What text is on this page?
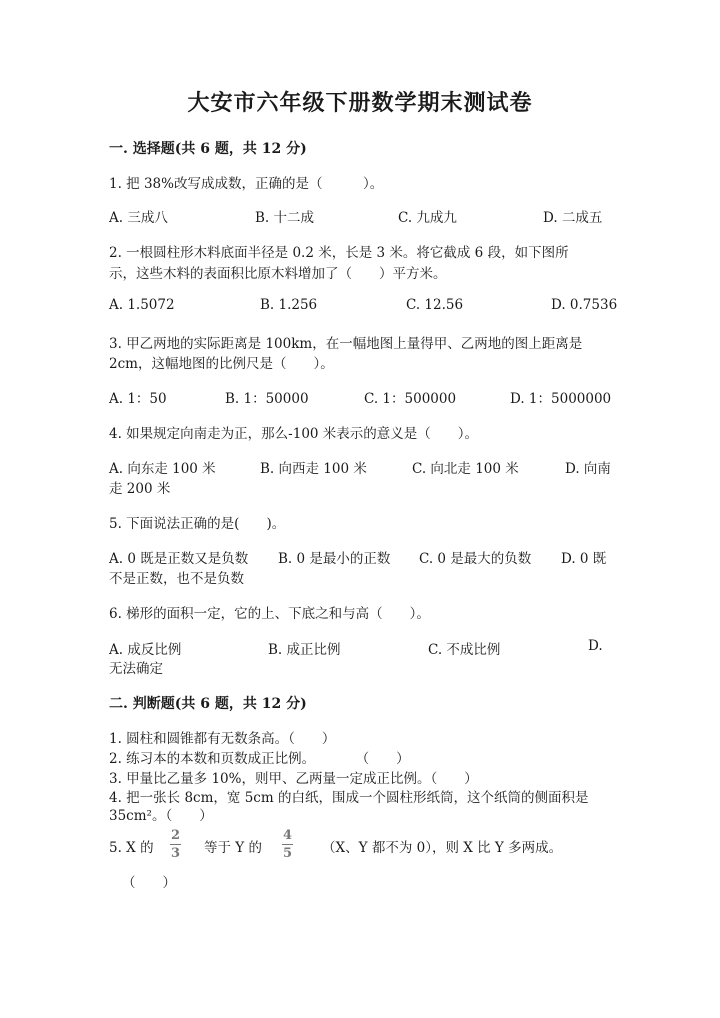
大安市六年级下册数学期末测试卷
一. 选择题(共 6 题，共 12 分)
1. 把 38%改写成成数，正确的是（　　　）。
A. 三成八	B. 十二成	C. 九成九	D. 二成五
2. 一根圆柱形木料底面半径是 0.2 米，长是 3 米。将它截成 6 段，如下图所
示，这些木料的表面积比原木料增加了（　　）平方米。
A. 1.5072	B. 1.256	C. 12.56	D. 0.7536
3. 甲乙两地的实际距离是 100km，在一幅地图上量得甲、乙两地的图上距离是
2cm，这幅地图的比例尺是（　　）。
A. 1：50	B. 1：50000	C. 1：500000	D. 1：5000000
4. 如果规定向南走为正，那么-100 米表示的意义是（　　）。
A. 向东走 100 米	B. 向西走 100 米	C. 向北走 100 米	D. 向南
走 200 米
5. 下面说法正确的是(　　)。
A. 0 既是正数又是负数 B. 0 是最小的正数 C. 0 是最大的负数 D. 0 既
不是正数，也不是负数
6. 梯形的面积一定，它的上、下底之和与高（　　）。
A. 成反比例	B. 成正比例	C. 不成比例	D.
无法确定
二. 判断题(共 6 题，共 12 分)
1. 圆柱和圆锥都有无数条高。（　　）
2. 练习本的本数和页数成正比例。　　　　（　　）
3. 甲量比乙量多 10%，则甲、乙两量一定成正比例。（　　）
4. 把一张长 8cm，宽 5cm 的白纸，围成一个圆柱形纸筒，这个纸筒的侧面积是
35cm²。（　　）
5. X 的
2
3 等于 Y 的
4
5 （X、Y 都不为 0），则 X 比 Y 多两成。
（　　）
